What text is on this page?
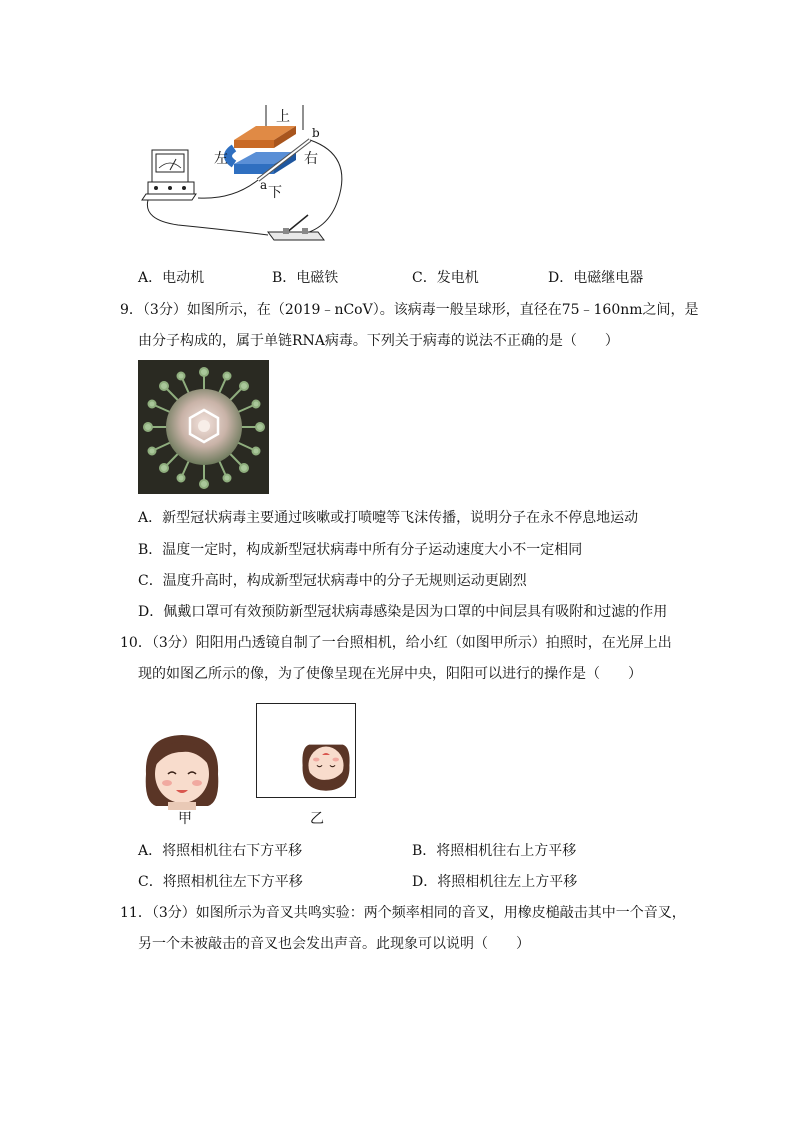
上
下
左	右
a
b
A．电动机	B．电磁铁	C．发电机	D．电磁继电器
9．（3分）如图所示，在（2019﹣nCoV）。该病毒一般呈球形，直径在75﹣160nm之间，是
由分子构成的，属于单链RNA病毒。下列关于病毒的说法不正确的是（　　）
A．新型冠状病毒主要通过咳嗽或打喷嚏等飞沫传播，说明分子在永不停息地运动
B．温度一定时，构成新型冠状病毒中所有分子运动速度大小不一定相同
C．温度升高时，构成新型冠状病毒中的分子无规则运动更剧烈
D．佩戴口罩可有效预防新型冠状病毒感染是因为口罩的中间层具有吸附和过滤的作用
10．（3分）阳阳用凸透镜自制了一台照相机，给小红（如图甲所示）拍照时，在光屏上出
现的如图乙所示的像，为了使像呈现在光屏中央，阳阳可以进行的操作是（　　）
甲	乙
A．将照相机往右下方平移	B．将照相机往右上方平移
C．将照相机往左下方平移	D．将照相机往左上方平移
11．（3分）如图所示为音叉共鸣实验：两个频率相同的音叉，用橡皮槌敲击其中一个音叉，
另一个未被敲击的音叉也会发出声音。此现象可以说明（　　）
